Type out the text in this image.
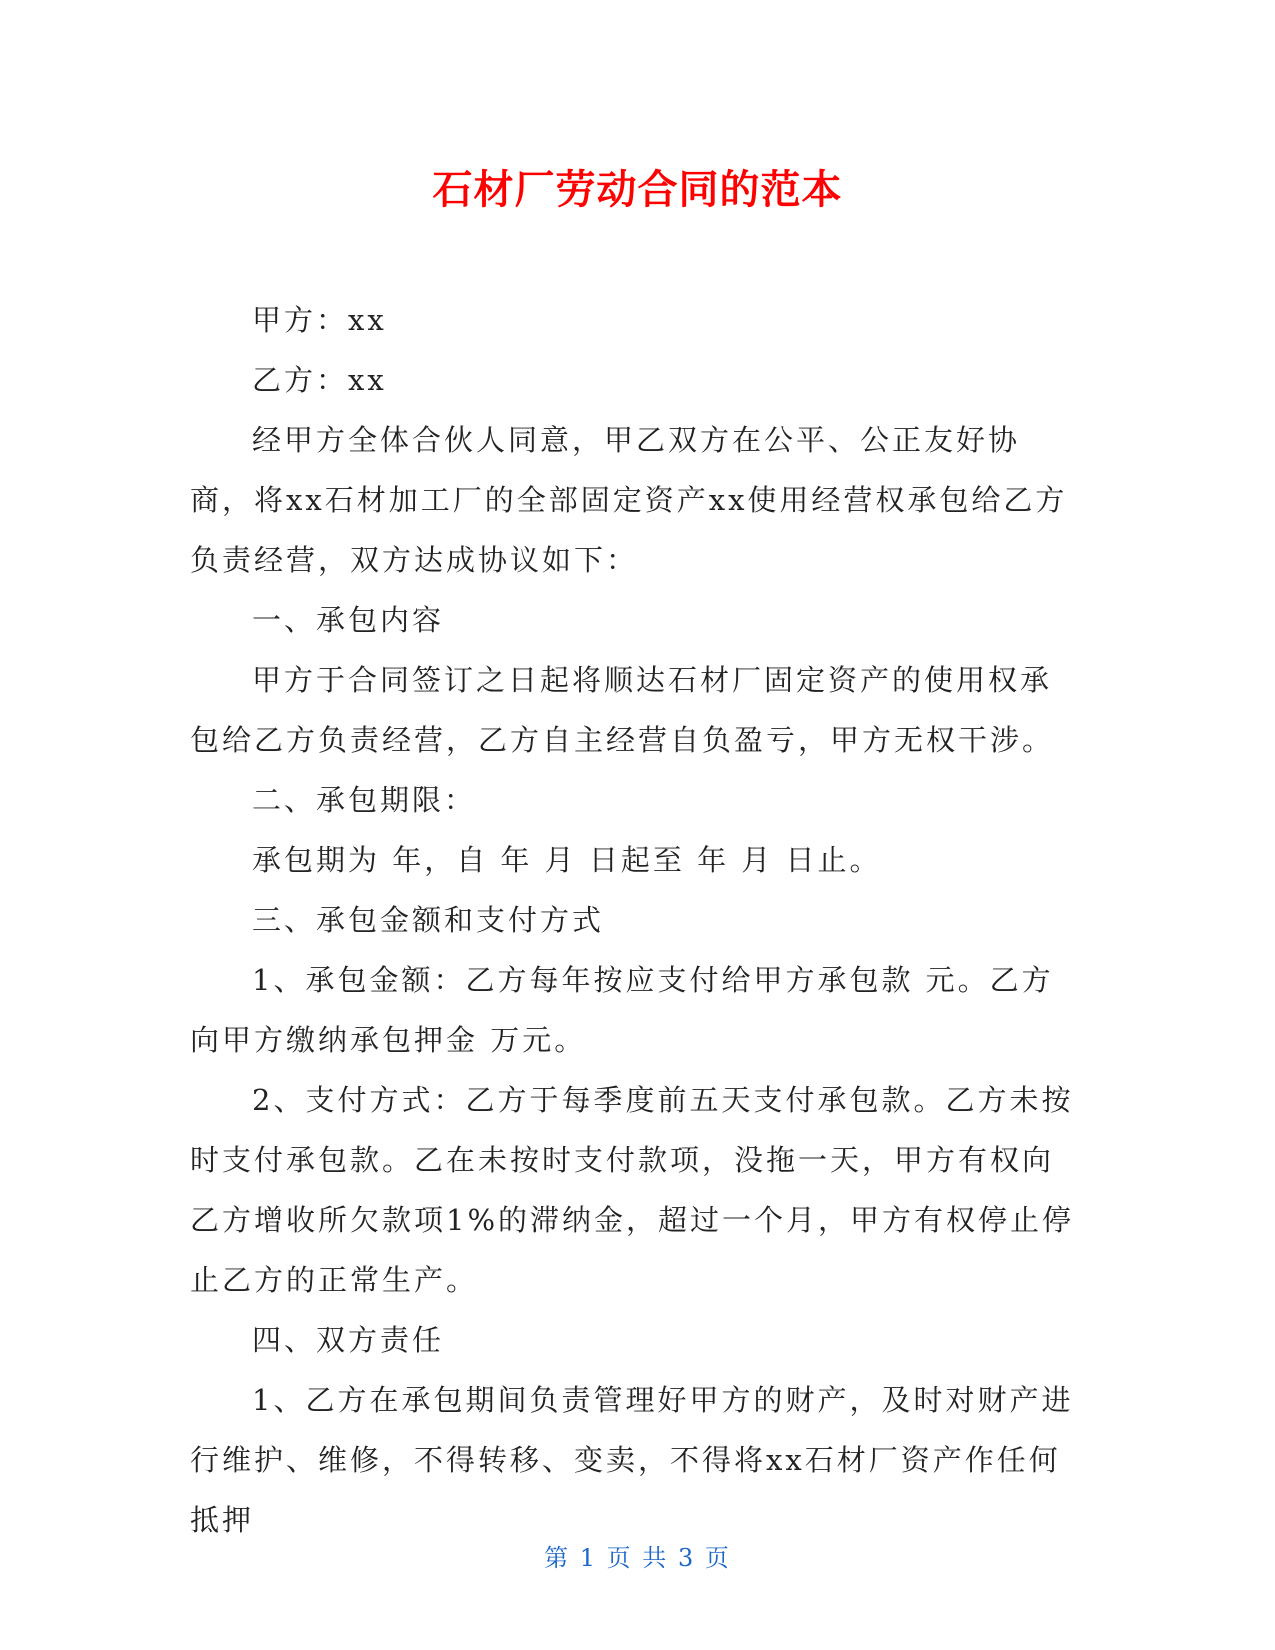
石材厂劳动合同的范本

甲方：xx

乙方：xx

经甲方全体合伙人同意，甲乙双方在公平、公正友好协商，将xx石材加工厂的全部固定资产xx使用经营权承包给乙方负责经营，双方达成协议如下：

一、承包内容

甲方于合同签订之日起将顺达石材厂固定资产的使用权承包给乙方负责经营，乙方自主经营自负盈亏，甲方无权干涉。

二、承包期限：

承包期为 年，自 年 月 日起至 年 月 日止。

三、承包金额和支付方式

1、承包金额：乙方每年按应支付给甲方承包款 元。乙方向甲方缴纳承包押金 万元。

2、支付方式：乙方于每季度前五天支付承包款。乙方未按时支付承包款。乙在未按时支付款项，没拖一天，甲方有权向乙方增收所欠款项1%的滞纳金，超过一个月，甲方有权停止停止乙方的正常生产。

四、双方责任

1、乙方在承包期间负责管理好甲方的财产，及时对财产进行维护、维修，不得转移、变卖，不得将xx石材厂资产作任何抵押

第 1 页 共 3 页
